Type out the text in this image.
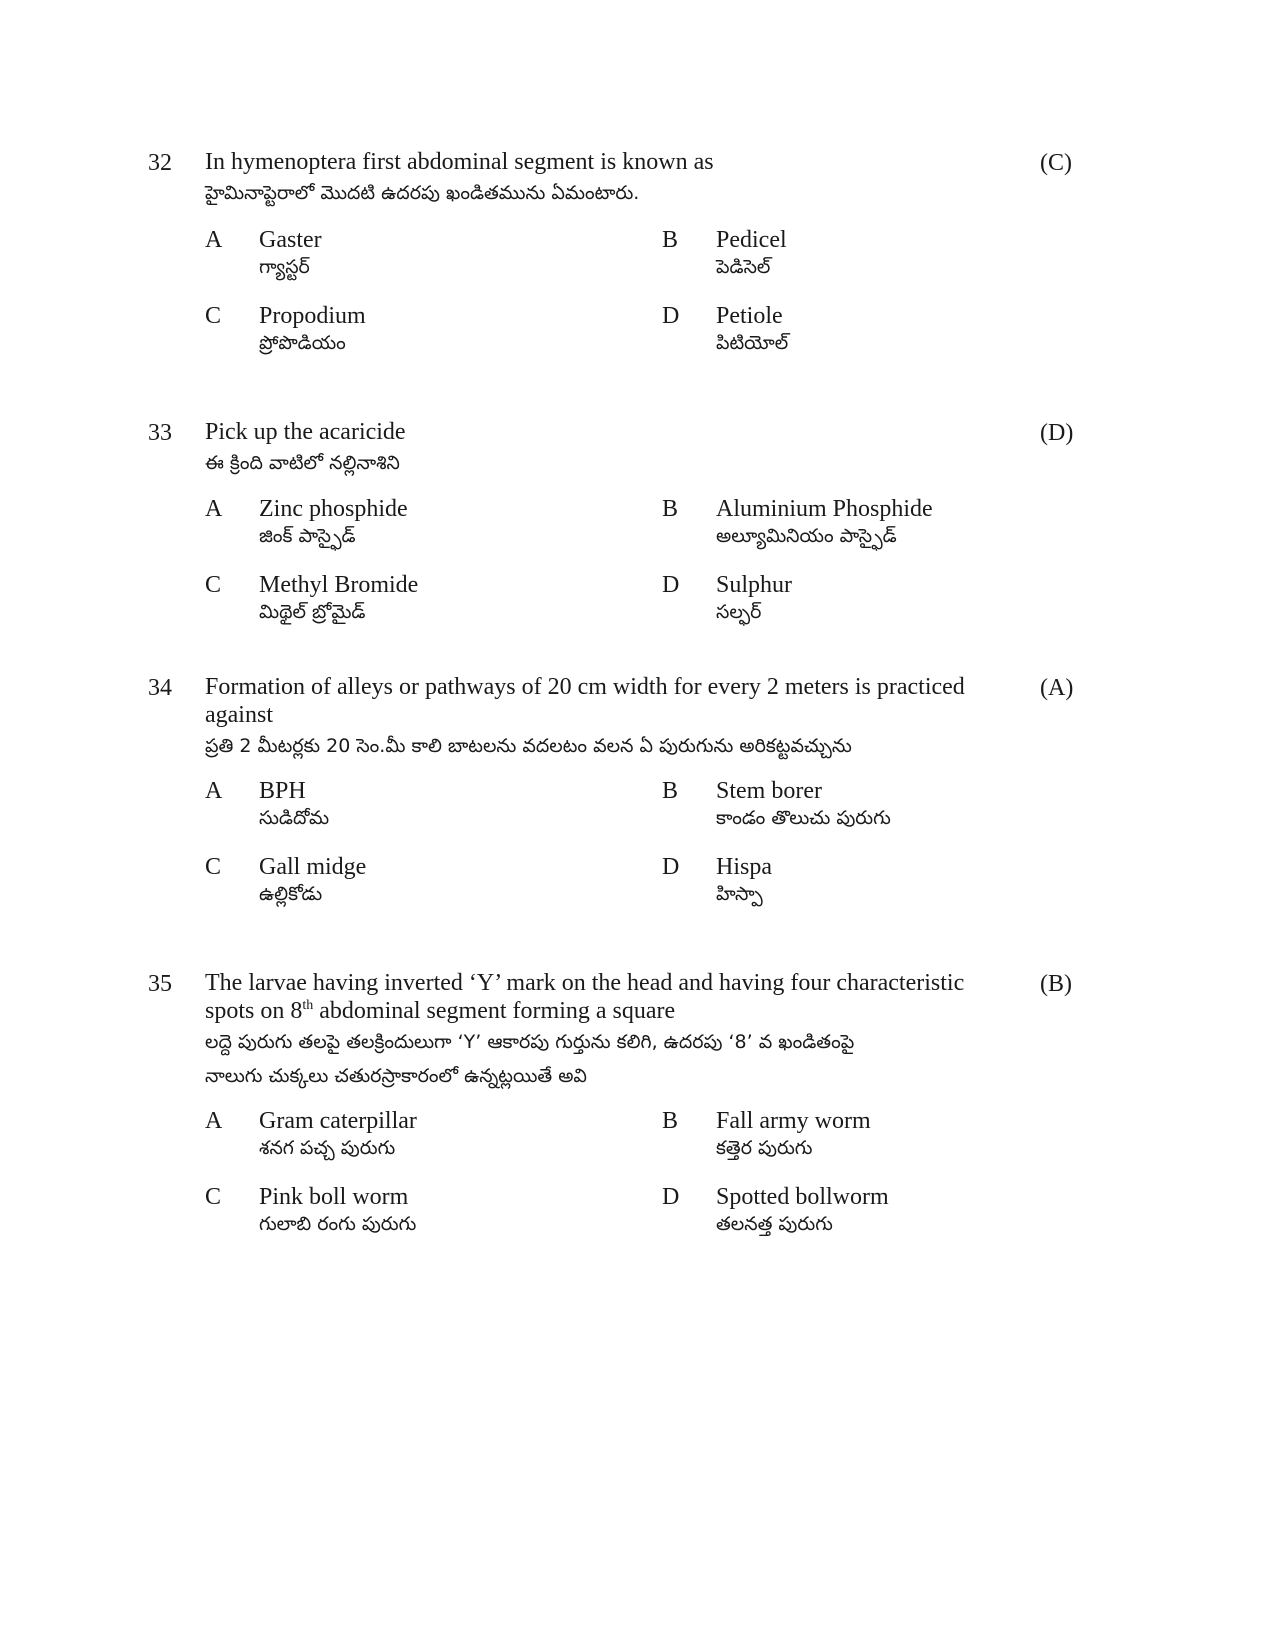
32 In hymenoptera first abdominal segment is known as

హైమినాప్టెరాలో మొదటి ఉదరపు ఖండితమును ఏమంటారు.

(C)
A Gaster
గ్యాస్టర్
B Pedicel
పెడిసెల్
C Propodium
ప్రోపొడియం
D Petiole
పిటియోల్
33 Pick up the acaricide

ఈ క్రింది వాటిలో నల్లినాశిని

(D)
A Zinc phosphide
జింక్ పాస్ఫైడ్
B Aluminium Phosphide
అల్యూమినియం పాస్ఫైడ్
C Methyl Bromide
మిథైల్ బ్రోమైడ్
D Sulphur
సల్ఫర్
34 Formation of alleys or pathways of 20 cm width for every 2 meters is practiced against

ప్రతి 2 మీటర్లకు 20 సెం.మీ కాలి బాటలను వదలటం వలన ఏ పురుగును అరికట్టవచ్చును

(A)
A BPH
సుడిదోమ
B Stem borer
కాండం తొలుచు పురుగు
C Gall midge
ఉల్లికోడు
D Hispa
హిస్పా
35 The larvae having inverted ‘Y’ mark on the head and having four characteristic

spots on 8th abdominal segment forming a square

లద్దె పురుగు తలపై తలక్రిందులుగా ‘Y’ ఆకారపు గుర్తును కలిగి, ఉదరపు ‘8’ వ ఖండితంపై

నాలుగు చుక్కలు చతురస్రాకారంలో ఉన్నట్లయితే అవి

(B)
A Gram caterpillar
శనగ పచ్చ పురుగు
B Fall army worm
కత్తెర పురుగు
C Pink boll worm
గులాబి రంగు పురుగు
D Spotted bollworm
తలనత్త పురుగు
